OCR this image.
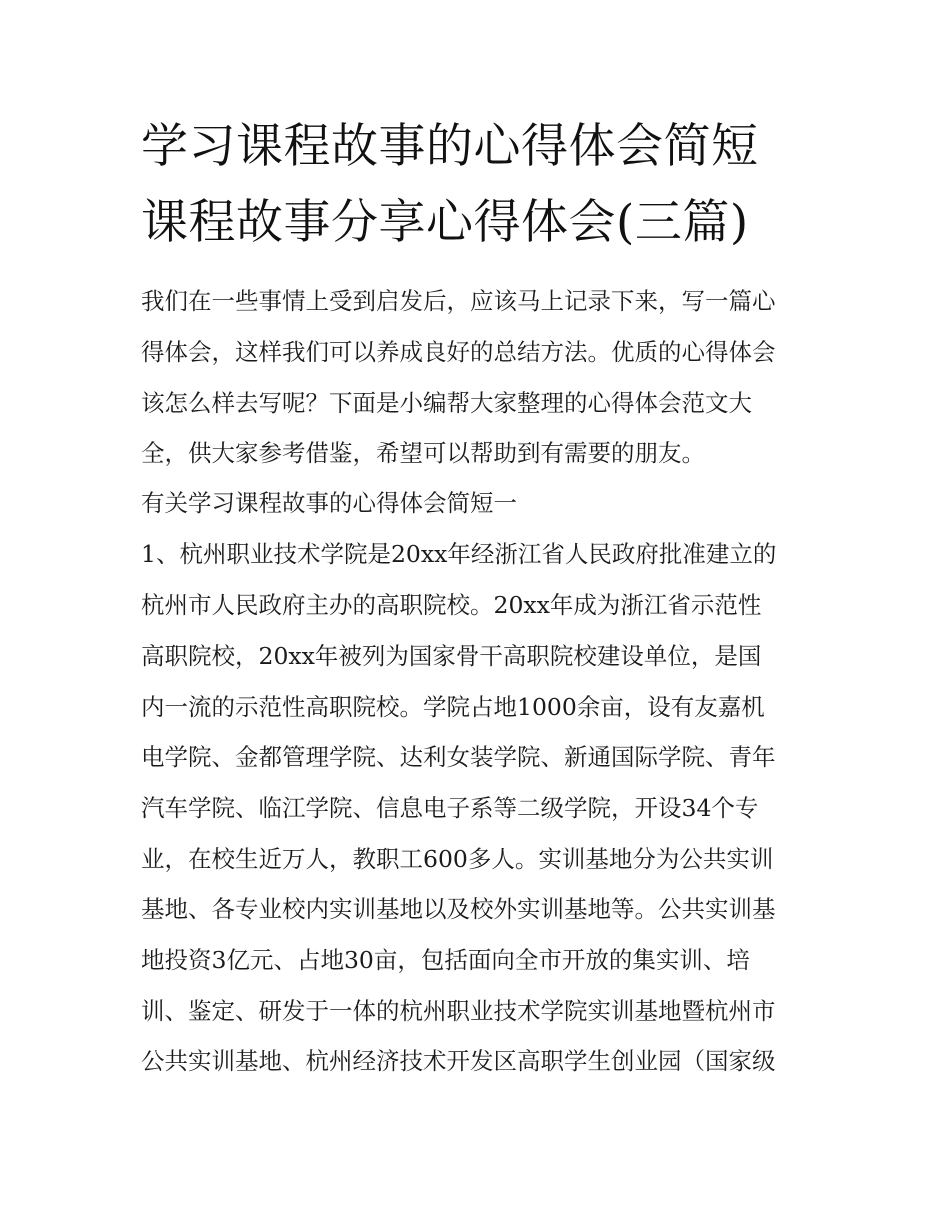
学习课程故事的心得体会简短
课程故事分享心得体会(三篇)
我们在一些事情上受到启发后，应该马上记录下来，写一篇心
得体会，这样我们可以养成良好的总结方法。优质的心得体会
该怎么样去写呢？下面是小编帮大家整理的心得体会范文大
全，供大家参考借鉴，希望可以帮助到有需要的朋友。
有关学习课程故事的心得体会简短一
1、杭州职业技术学院是20xx年经浙江省人民政府批准建立的
杭州市人民政府主办的高职院校。20xx年成为浙江省示范性
高职院校，20xx年被列为国家骨干高职院校建设单位，是国
内一流的示范性高职院校。学院占地1000余亩，设有友嘉机
电学院、金都管理学院、达利女装学院、新通国际学院、青年
汽车学院、临江学院、信息电子系等二级学院，开设34个专
业，在校生近万人，教职工600多人。实训基地分为公共实训
基地、各专业校内实训基地以及校外实训基地等。公共实训基
地投资3亿元、占地30亩，包括面向全市开放的集实训、培
训、鉴定、研发于一体的杭州职业技术学院实训基地暨杭州市
公共实训基地、杭州经济技术开发区高职学生创业园（国家级
